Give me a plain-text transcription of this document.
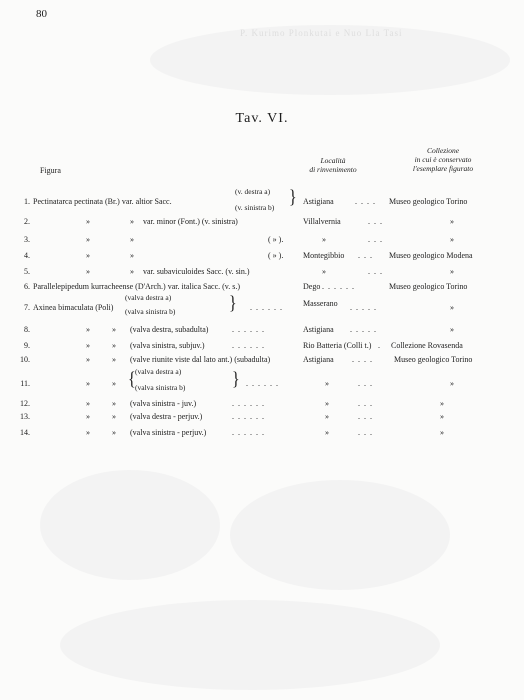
80
P. Kurimo Plonkutai e Nuo Lla Tasi
Tav. VI.
Figura
Località
di rinvenimento
Collezione
in cui è conservato
l'esemplare figurato
1. Pectinatarca pectinata (Br.) var. altior Sacc.
(v. destra a)
(v. sinistra b) } Astigiana	.... Museo geologico Torino
2.	»	» var. minor (Font.) (v. sinistra)	Villalvernia	...	»
3.	»	»	( » ).	»	...	»
4.	»	»	( » ). Montegibbio ... Museo geologico Modena
5.	»	» var. subaviculoides Sacc. (v. sin.)	»	...	»
6. Parallelepipedum kurracheense (D'Arch.) var. italica Sacc. (v. s.)	Dego ......	Museo geologico Torino
7. Axinea bimaculata (Poli)
(valva destra a)
(valva sinistra b)	} ...... Masserano .....	»
8.	»	» (valva destra, subadulta)	......	Astigiana .....	»
9.	»	» (valva sinistra, subjuv.)	......	Rio Batteria (Colli t.) . Collezione Rovasenda
10.	»	» (valve riunite viste dal lato ant.) (subadulta)	Astigiana .... Museo geologico Torino
11.	»	» { (valva destra a)
(valva sinistra b)	} ......	»	...	»
12.	»	» (valva sinistra - juv.)	......	»	...	»
13.	»	» (valva destra - perjuv.)	......	»	...	»
14.	»	» (valva sinistra - perjuv.)	......	»	...	»
